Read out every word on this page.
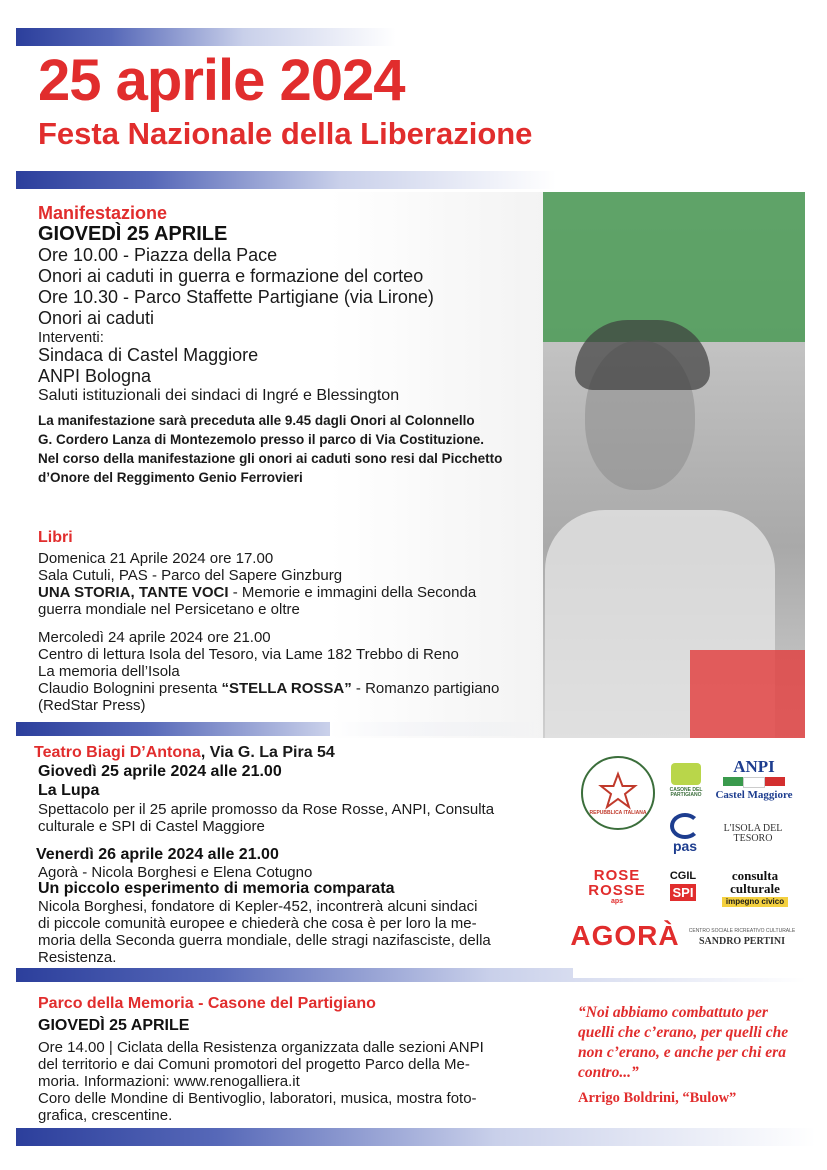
25 aprile 2024
Festa Nazionale della Liberazione
Manifestazione
GIOVEDÌ 25 APRILE
Ore 10.00 - Piazza della Pace
Onori ai caduti in guerra e formazione del corteo
Ore 10.30 - Parco Staffette Partigiane (via Lirone)
Onori ai caduti
Interventi:
Sindaca di Castel Maggiore
ANPI Bologna
Saluti istituzionali dei sindaci di Ingré e Blessington
La manifestazione sarà preceduta alle 9.45 dagli Onori al Colonnello
G. Cordero Lanza di Montezemolo presso il parco di Via Costituzione.
Nel corso della manifestazione gli onori ai caduti sono resi dal Picchetto
d’Onore del Reggimento Genio Ferrovieri
Libri
Domenica 21 Aprile 2024 ore 17.00
Sala Cutuli, PAS - Parco del Sapere Ginzburg
UNA STORIA, TANTE VOCI - Memorie e immagini della Seconda
guerra mondiale nel Persicetano e oltre
Mercoledì 24 aprile 2024 ore 21.00
Centro di lettura Isola del Tesoro, via Lame 182 Trebbo di Reno
La memoria dell’Isola
Claudio Bolognini presenta “STELLA ROSSA” - Romanzo partigiano
(RedStar Press)
Teatro Biagi D’Antona, Via G. La Pira 54
Giovedì 25 aprile 2024 alle 21.00
La Lupa
Spettacolo per il 25 aprile promosso da Rose Rosse, ANPI, Consulta
culturale e SPI di Castel Maggiore
Venerdì 26 aprile 2024 alle 21.00
Agorà - Nicola Borghesi e Elena Cotugno
Un piccolo esperimento di memoria comparata
Nicola Borghesi, fondatore di Kepler-452, incontrerà alcuni sindaci
di piccole comunità europee e chiederà che cosa è per loro la me-
moria della Seconda guerra mondiale, delle stragi nazifasciste, della
Resistenza.
Parco della Memoria - Casone del Partigiano
GIOVEDÌ 25 APRILE
Ore 14.00 | Ciclata della Resistenza organizzata dalle sezioni ANPI
del territorio e dai Comuni promotori del progetto Parco della Me-
moria. Informazioni: www.renogalliera.it
Coro delle Mondine di Bentivoglio, laboratori, musica, mostra foto-
grafica, crescentine.
REPUBBLICA ITALIANA
CASONE DEL PARTIGIANO
ANPI
Castel Maggiore
pas
L'ISOLA DEL TESORO
ROSE ROSSE
aps
CGIL
SPI
consulta culturale
impegno civico
AGORÀ CENTRO SOCIALE RICREATIVO CULTURALE
SANDRO PERTINI
“Noi abbiamo combattuto per quelli che c’erano, per quelli che non c’erano, e anche per chi era contro...”
Arrigo Boldrini, “Bulow”
